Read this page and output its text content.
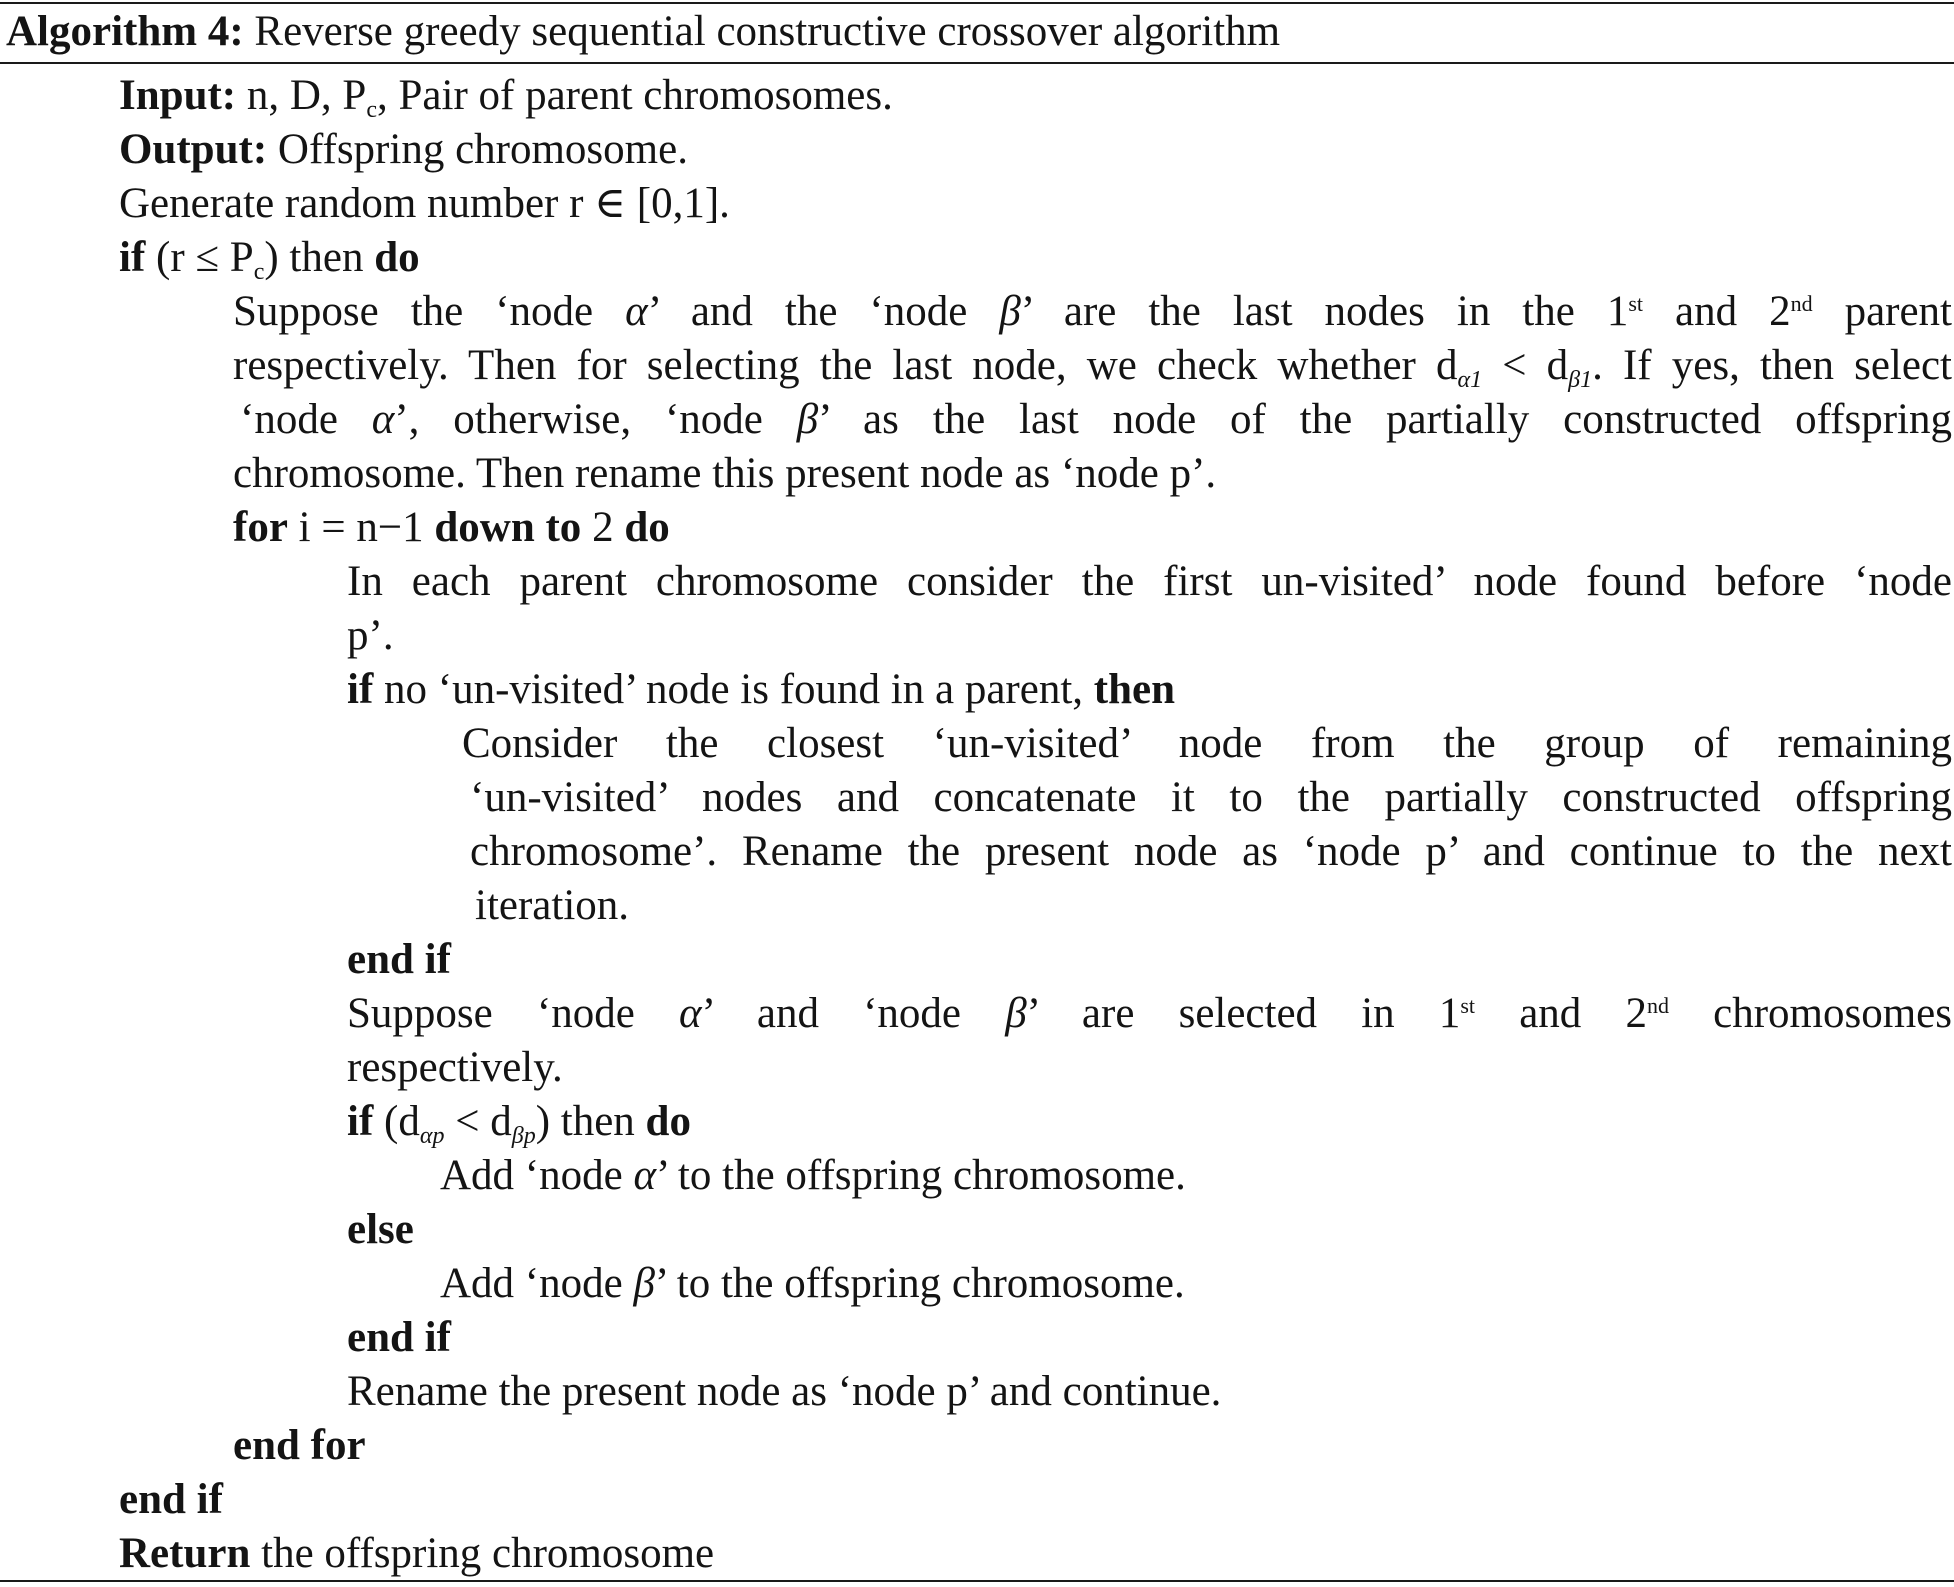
Algorithm 4: Reverse greedy sequential constructive crossover algorithm
Input: n, D, $P_c$, Pair of parent chromosomes.
Output: Offspring chromosome.
Generate random number r ∈ [0,1].
if $(r \le P_c)$ then do
Suppose the ‘node α’ and the ‘node β’ are the last nodes in the 1st and 2nd parent
respectively. Then for selecting the last node, we check whether $d_{\alpha 1} < d_{\beta 1}$. If yes, then select
‘node α’, otherwise, ‘node β’ as the last node of the partially constructed offspring
chromosome. Then rename this present node as ‘node p’.
for i = n−1 down to 2 do
In each parent chromosome consider the first un-visited’ node found before ‘node
p’.
if no ‘un-visited’ node is found in a parent, then
Consider the closest ‘un-visited’ node from the group of remaining
‘un-visited’ nodes and concatenate it to the partially constructed offspring
chromosome’. Rename the present node as ‘node p’ and continue to the next
iteration.
end if
Suppose ‘node α’ and ‘node β’ are selected in 1st and 2nd chromosomes
respectively.
if $(d_{\alpha p} < d_{\beta p})$ then do
Add ‘node α’ to the offspring chromosome.
else
Add ‘node β’ to the offspring chromosome.
end if
Rename the present node as ‘node p’ and continue.
end for
end if
Return the offspring chromosome
